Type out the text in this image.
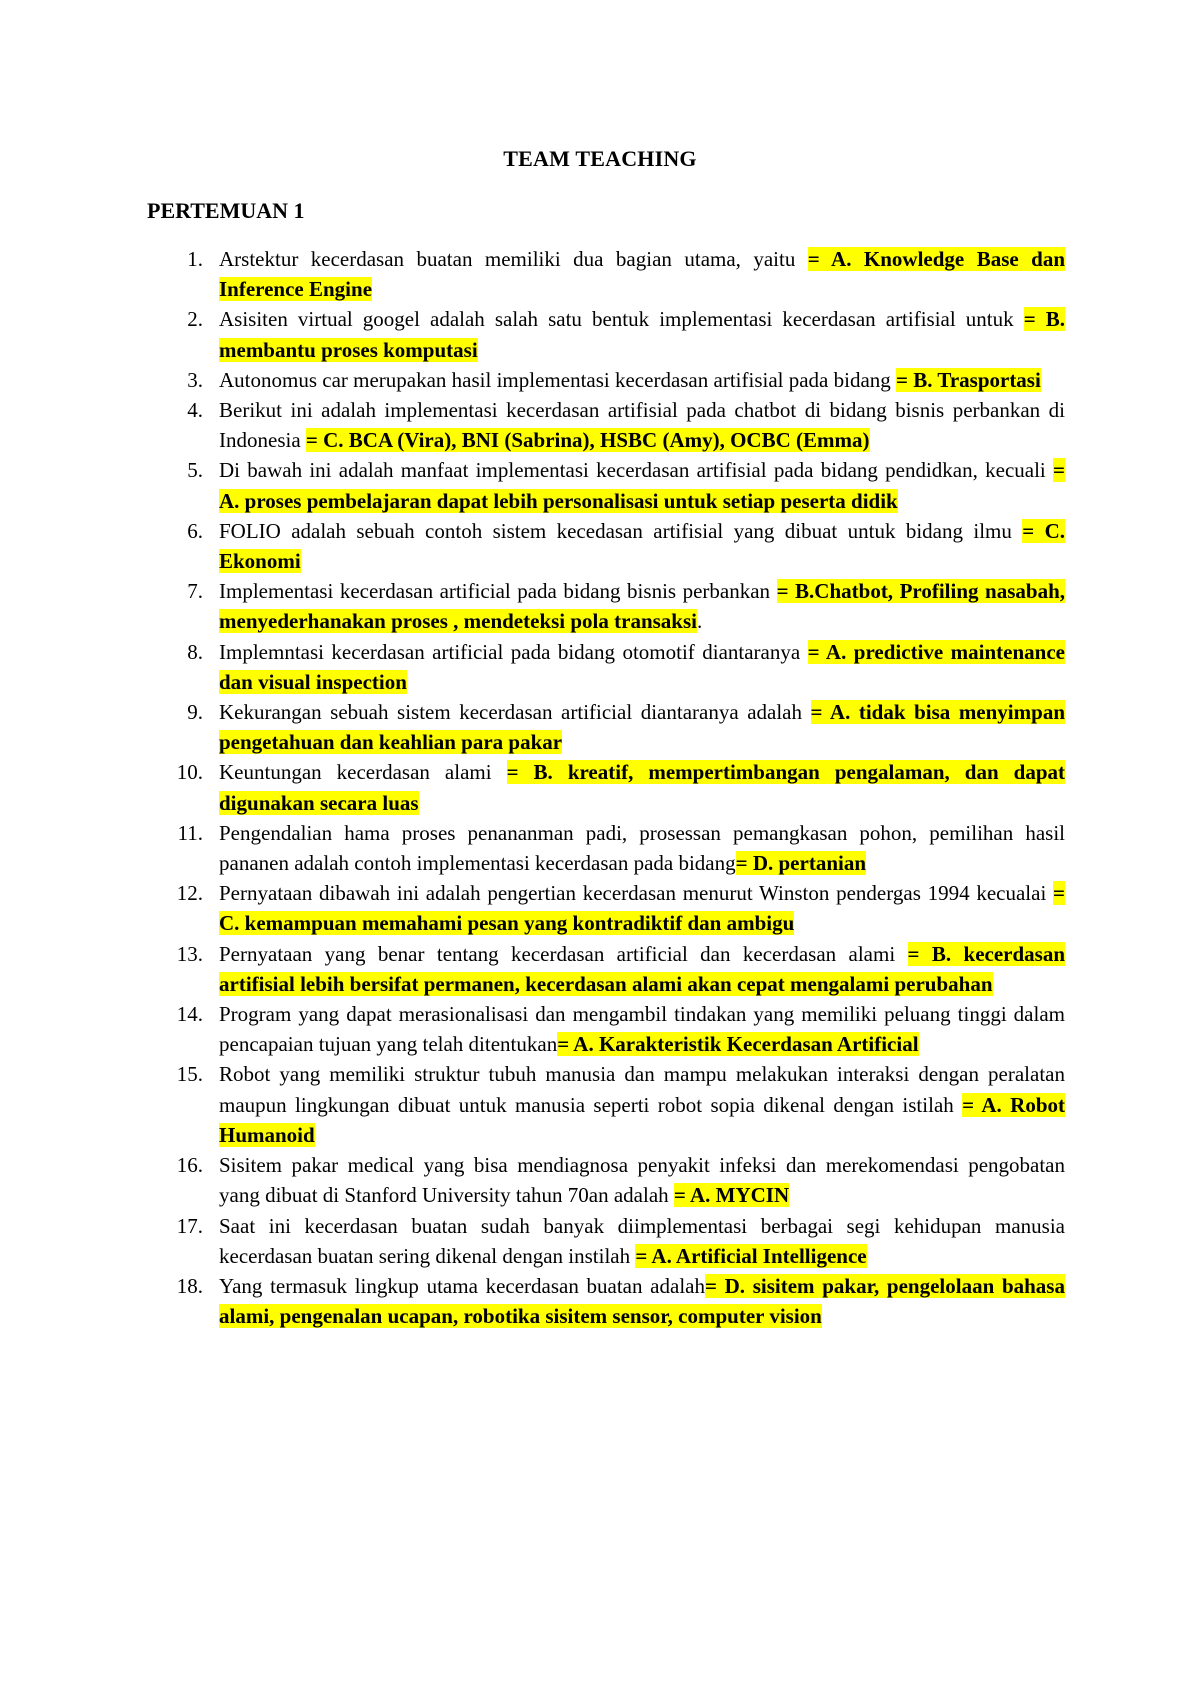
TEAM TEACHING
PERTEMUAN 1
1. Arstektur kecerdasan buatan memiliki dua bagian utama, yaitu = A. Knowledge Base dan Inference Engine
2. Asisiten virtual googel adalah salah satu bentuk implementasi kecerdasan artifisial untuk = B. membantu proses komputasi
3. Autonomus car merupakan hasil implementasi kecerdasan artifisial pada bidang = B. Trasportasi
4. Berikut ini adalah implementasi kecerdasan artifisial pada chatbot di bidang bisnis perbankan di Indonesia = C. BCA (Vira), BNI (Sabrina), HSBC (Amy), OCBC (Emma)
5. Di bawah ini adalah manfaat implementasi kecerdasan artifisial pada bidang pendidkan, kecuali = A. proses pembelajaran dapat lebih personalisasi untuk setiap peserta didik
6. FOLIO adalah sebuah contoh sistem kecedasan artifisial yang dibuat untuk bidang ilmu = C. Ekonomi
7. Implementasi kecerdasan artificial pada bidang bisnis perbankan = B.Chatbot, Profiling nasabah, menyederhanakan proses , mendeteksi pola transaksi.
8. Implemntasi kecerdasan artificial pada bidang otomotif diantaranya = A. predictive maintenance dan visual inspection
9. Kekurangan sebuah sistem kecerdasan artificial diantaranya adalah = A. tidak bisa menyimpan pengetahuan dan keahlian para pakar
10. Keuntungan kecerdasan alami = B. kreatif, mempertimbangan pengalaman, dan dapat digunakan secara luas
11. Pengendalian hama proses penananman padi, prosessan pemangkasan pohon, pemilihan hasil pananen adalah contoh implementasi kecerdasan pada bidang= D. pertanian
12. Pernyataan dibawah ini adalah pengertian kecerdasan menurut Winston pendergas 1994 kecualai = C. kemampuan memahami pesan yang kontradiktif dan ambigu
13. Pernyataan yang benar tentang kecerdasan artificial dan kecerdasan alami = B. kecerdasan artifisial lebih bersifat permanen, kecerdasan alami akan cepat mengalami perubahan
14. Program yang dapat merasionalisasi dan mengambil tindakan yang memiliki peluang tinggi dalam pencapaian tujuan yang telah ditentukan= A. Karakteristik Kecerdasan Artificial
15. Robot yang memiliki struktur tubuh manusia dan mampu melakukan interaksi dengan peralatan maupun lingkungan dibuat untuk manusia seperti robot sopia dikenal dengan istilah = A. Robot Humanoid
16. Sisitem pakar medical yang bisa mendiagnosa penyakit infeksi dan merekomendasi pengobatan yang dibuat di Stanford University tahun 70an adalah = A. MYCIN
17. Saat ini kecerdasan buatan sudah banyak diimplementasi berbagai segi kehidupan manusia kecerdasan buatan sering dikenal dengan instilah = A. Artificial Intelligence
18. Yang termasuk lingkup utama kecerdasan buatan adalah= D. sisitem pakar, pengelolaan bahasa alami, pengenalan ucapan, robotika sisitem sensor, computer vision
